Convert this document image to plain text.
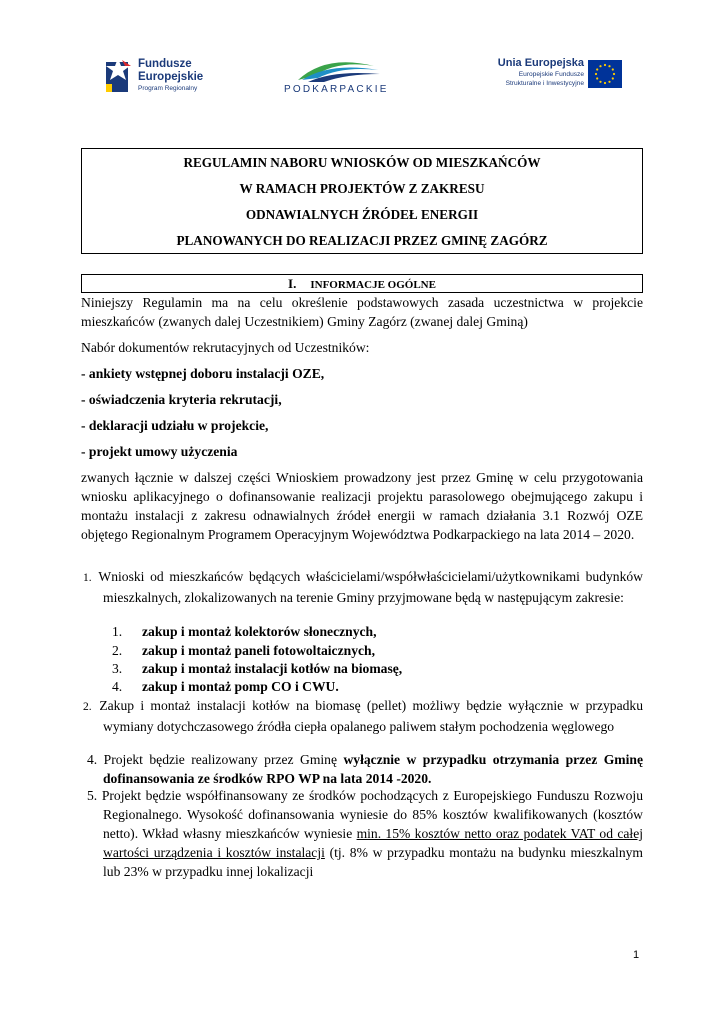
Fundusze
Europejskie
Program Regionalny	PODKARPACKIE
Unia Europejska
Europejskie Fundusze
Strukturalne i Inwestycyjne
REGULAMIN NABORU WNIOSKÓW OD MIESZKAŃCÓW
W RAMACH PROJEKTÓW Z ZAKRESU
ODNAWIALNYCH ŹRÓDEŁ ENERGII
PLANOWANYCH DO REALIZACJI PRZEZ GMINĘ ZAGÓRZ
I. INFORMACJE OGÓLNE
Niniejszy Regulamin ma na celu określenie podstawowych zasada uczestnictwa w projekcie mieszkańców (zwanych dalej Uczestnikiem) Gminy Zagórz (zwanej dalej Gminą)
Nabór dokumentów rekrutacyjnych od Uczestników:
- ankiety wstępnej doboru instalacji OZE,
- oświadczenia kryteria rekrutacji,
- deklaracji udziału w projekcie,
- projekt umowy użyczenia
zwanych łącznie w dalszej części Wnioskiem prowadzony jest przez Gminę w celu przygotowania wniosku aplikacyjnego o dofinansowanie realizacji projektu parasolowego obejmującego zakupu i montażu instalacji z zakresu odnawialnych źródeł energii w ramach działania 3.1 Rozwój OZE objętego Regionalnym Programem Operacyjnym Województwa Podkarpackiego na lata 2014 – 2020.
1. Wnioski od mieszkańców będących właścicielami/współwłaścicielami/użytkownikami budynków mieszkalnych, zlokalizowanych na terenie Gminy przyjmowane będą w następującym zakresie:
1. zakup i montaż kolektorów słonecznych,
2. zakup i montaż paneli fotowoltaicznych,
3. zakup i montaż instalacji kotłów na biomasę,
4. zakup i montaż pomp CO i CWU.
2. Zakup i montaż instalacji kotłów na biomasę (pellet) możliwy będzie wyłącznie w przypadku wymiany dotychczasowego źródła ciepła opalanego paliwem stałym pochodzenia węglowego
4. Projekt będzie realizowany przez Gminę wyłącznie w przypadku otrzymania przez Gminę dofinansowania ze środków RPO WP na lata 2014 -2020.
5. Projekt będzie współfinansowany ze środków pochodzących z Europejskiego Funduszu Rozwoju Regionalnego. Wysokość dofinansowania wyniesie do 85% kosztów kwalifikowanych (kosztów netto). Wkład własny mieszkańców wyniesie min. 15% kosztów netto oraz podatek VAT od całej wartości urządzenia i kosztów instalacji (tj. 8% w przypadku montażu na budynku mieszkalnym lub 23% w przypadku innej lokalizacji
1
